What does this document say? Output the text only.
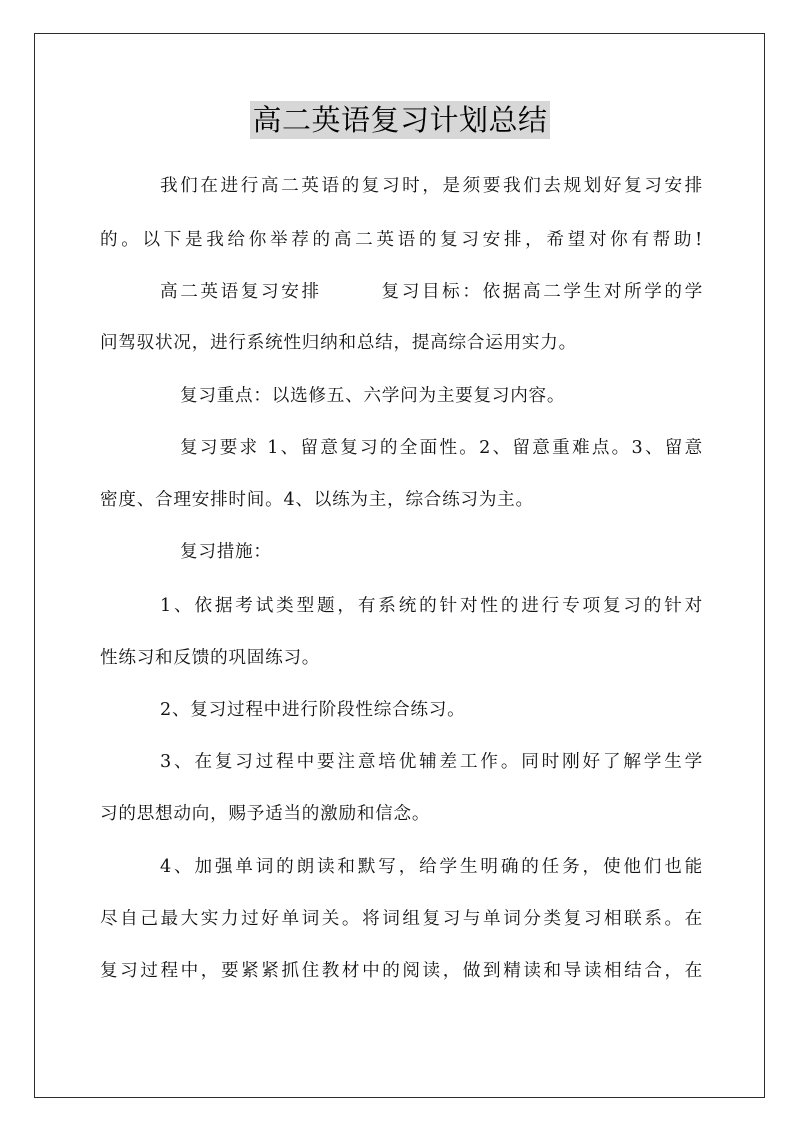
高二英语复习计划总结
我们在进行高二英语的复习时，是须要我们去规划好复习安排
的。以下是我给你举荐的高二英语的复习安排，希望对你有帮助!
高二英语复习安排	复习目标：依据高二学生对所学的学
问驾驭状况，进行系统性归纳和总结，提高综合运用实力。
复习重点：以选修五、六学问为主要复习内容。
复习要求 1、留意复习的全面性。2、留意重难点。3、留意
密度、合理安排时间。4、以练为主，综合练习为主。
复习措施：
1、依据考试类型题，有系统的针对性的进行专项复习的针对
性练习和反馈的巩固练习。
2、复习过程中进行阶段性综合练习。
3、在复习过程中要注意培优辅差工作。同时刚好了解学生学
习的思想动向，赐予适当的激励和信念。
4、加强单词的朗读和默写，给学生明确的任务，使他们也能
尽自己最大实力过好单词关。将词组复习与单词分类复习相联系。在
复习过程中，要紧紧抓住教材中的阅读，做到精读和导读相结合，在
